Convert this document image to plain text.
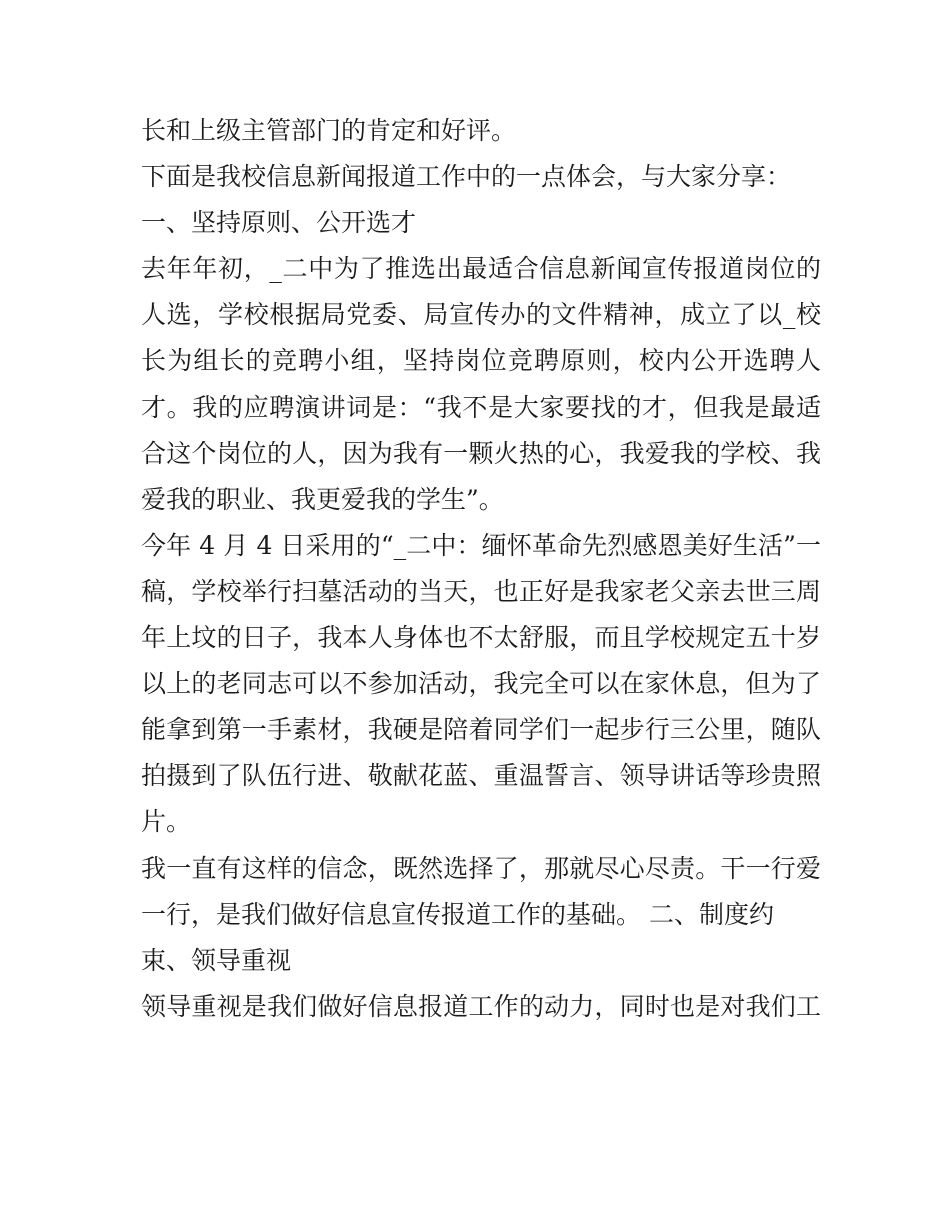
长和上级主管部门的肯定和好评。
下面是我校信息新闻报道工作中的一点体会，与大家分享：
一、坚持原则、公开选才
去年年初，_二中为了推选出最适合信息新闻宣传报道岗位的
人选，学校根据局党委、局宣传办的文件精神，成立了以_校
长为组长的竞聘小组，坚持岗位竞聘原则，校内公开选聘人
才。我的应聘演讲词是：“我不是大家要找的才，但我是最适
合这个岗位的人，因为我有一颗火热的心，我爱我的学校、我
爱我的职业、我更爱我的学生”。
今年 4 月 4 日采用的“_二中：缅怀革命先烈感恩美好生活”一
稿，学校举行扫墓活动的当天，也正好是我家老父亲去世三周
年上坟的日子，我本人身体也不太舒服，而且学校规定五十岁
以上的老同志可以不参加活动，我完全可以在家休息，但为了
能拿到第一手素材，我硬是陪着同学们一起步行三公里，随队
拍摄到了队伍行进、敬献花蓝、重温誓言、领导讲话等珍贵照
片。
我一直有这样的信念，既然选择了，那就尽心尽责。干一行爱
一行，是我们做好信息宣传报道工作的基础。 二、制度约
束、领导重视
领导重视是我们做好信息报道工作的动力，同时也是对我们工
